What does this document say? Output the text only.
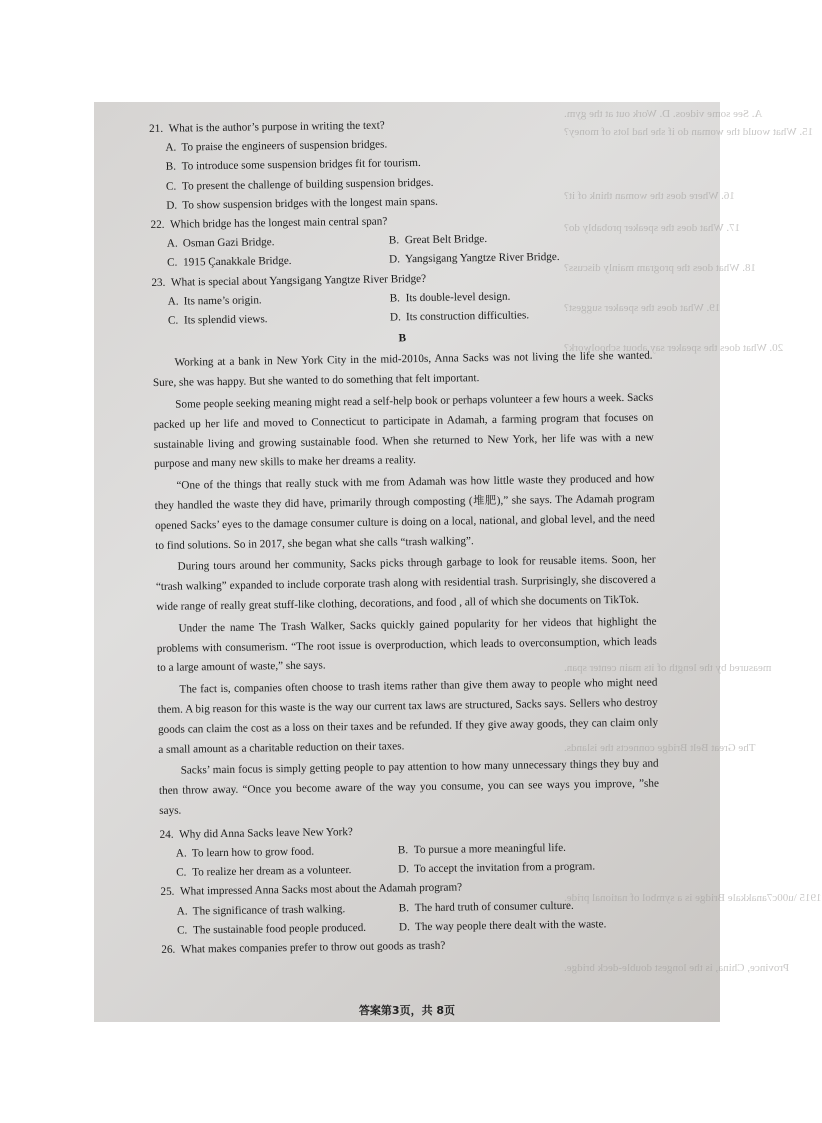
A. See some videos. D. Work out at the gym.
15. What would the woman do if she had lots of money?
16. Where does the woman think of it?
17. What does the speaker probably do?
18. What does the program mainly discuss?
19. What does the speaker suggest?
20. What does the speaker say about schoolwork?
measured by the length of its main center span.
The Great Belt Bridge connects the islands.
1915 \u00c7anakkale Bridge is a symbol of national pride.
Province, China, is the longest double-deck bridge.

21. What is the author’s purpose in writing the text?

A. To praise the engineers of suspension bridges.

B. To introduce some suspension bridges fit for tourism.

C. To present the challenge of building suspension bridges.

D. To show suspension bridges with the longest main spans.

22. Which bridge has the longest main central span?

A. Osman Gazi Bridge.	B. Great Belt Bridge.
C. 1915 Çanakkale Bridge.	D. Yangsigang Yangtze River Bridge.

23. What is special about Yangsigang Yangtze River Bridge?

A. Its name’s origin.	B. Its double-level design.
C. Its splendid views.	D. Its construction difficulties.

B

Working at a bank in New York City in the mid-2010s, Anna Sacks was not living the life she wanted. Sure, she was happy. But she wanted to do something that felt important.

Some people seeking meaning might read a self-help book or perhaps volunteer a few hours a week. Sacks packed up her life and moved to Connecticut to participate in Adamah, a farming program that focuses on sustainable living and growing sustainable food. When she returned to New York, her life was with a new purpose and many new skills to make her dreams a reality.

“One of the things that really stuck with me from Adamah was how little waste they produced and how they handled the waste they did have, primarily through composting (堆肥),” she says. The Adamah program opened Sacks’ eyes to the damage consumer culture is doing on a local, national, and global level, and the need to find solutions. So in 2017, she began what she calls “trash walking”.

During tours around her community, Sacks picks through garbage to look for reusable items. Soon, her “trash walking” expanded to include corporate trash along with residential trash. Surprisingly, she discovered a wide range of really great stuff-like clothing, decorations, and food , all of which she documents on TikTok.

Under the name The Trash Walker, Sacks quickly gained popularity for her videos that highlight the problems with consumerism. “The root issue is overproduction, which leads to overconsumption, which leads to a large amount of waste,” she says.

The fact is, companies often choose to trash items rather than give them away to people who might need them. A big reason for this waste is the way our current tax laws are structured, Sacks says. Sellers who destroy goods can claim the cost as a loss on their taxes and be refunded. If they give away goods, they can claim only a small amount as a charitable reduction on their taxes.

Sacks’ main focus is simply getting people to pay attention to how many unnecessary things they buy and then throw away. “Once you become aware of the way you consume, you can see ways you improve, ”she says.

24. Why did Anna Sacks leave New York?

A. To learn how to grow food.	B. To pursue a more meaningful life.
C. To realize her dream as a volunteer.	D. To accept the invitation from a program.

25. What impressed Anna Sacks most about the Adamah program?

A. The significance of trash walking.	B. The hard truth of consumer culture.
C. The sustainable food people produced.	D. The way people there dealt with the waste.

26. What makes companies prefer to throw out goods as trash?

答案第3页，共 8页
